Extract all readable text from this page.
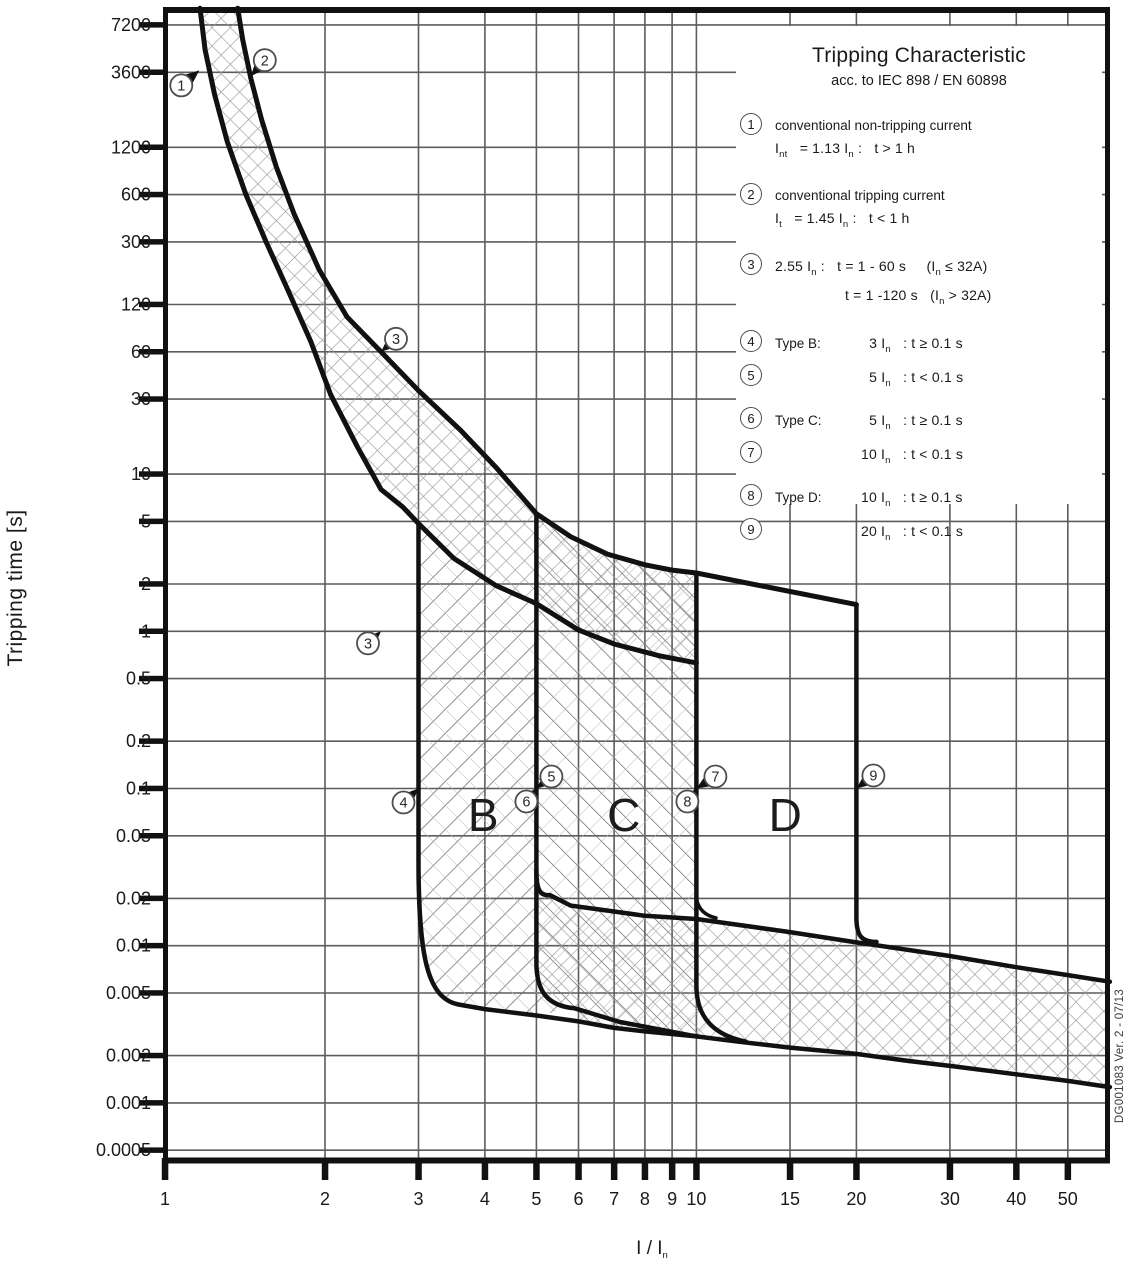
7200
3600
1200
600
300
120
60
30
10
5
2
1
0.5
0.2
0.1
0.05
0.02
0.01
0.005
0.002
0.001
0.0005
1	2	3	4 5 6 7 8 9 10	15	20	30	40 50
B C	D
1
2
3
3
4
5
6
7
8
9
Tripping time [s]
I / $I_n$
Tripping Characteristic
acc. to IEC 898 / EN 60898
1	conventional non-tripping current
$I_{nt} = 1.13$ $I_n$ :   t > 1 h
2	conventional tripping current
$I_t = 1.45$ $I_n$ :   t < 1 h
3	2.55 $I_n$ :   t = 1 - 60 s     $(I_n \le 32A)$
t = 1 -120 s   $(I_n > 32A)$
4	Type B:	3 $I_n$   : t ≥ 0.1 s
5	5 $I_n$   : t < 0.1 s
6	Type C:	5 $I_n$   : t ≥ 0.1 s
7	10 $I_n$   : t < 0.1 s
8	Type D:	10 $I_n$   : t ≥ 0.1 s
9	20 $I_n$   : t < 0.1 s
DG001083 Ver. 2 - 07/13
